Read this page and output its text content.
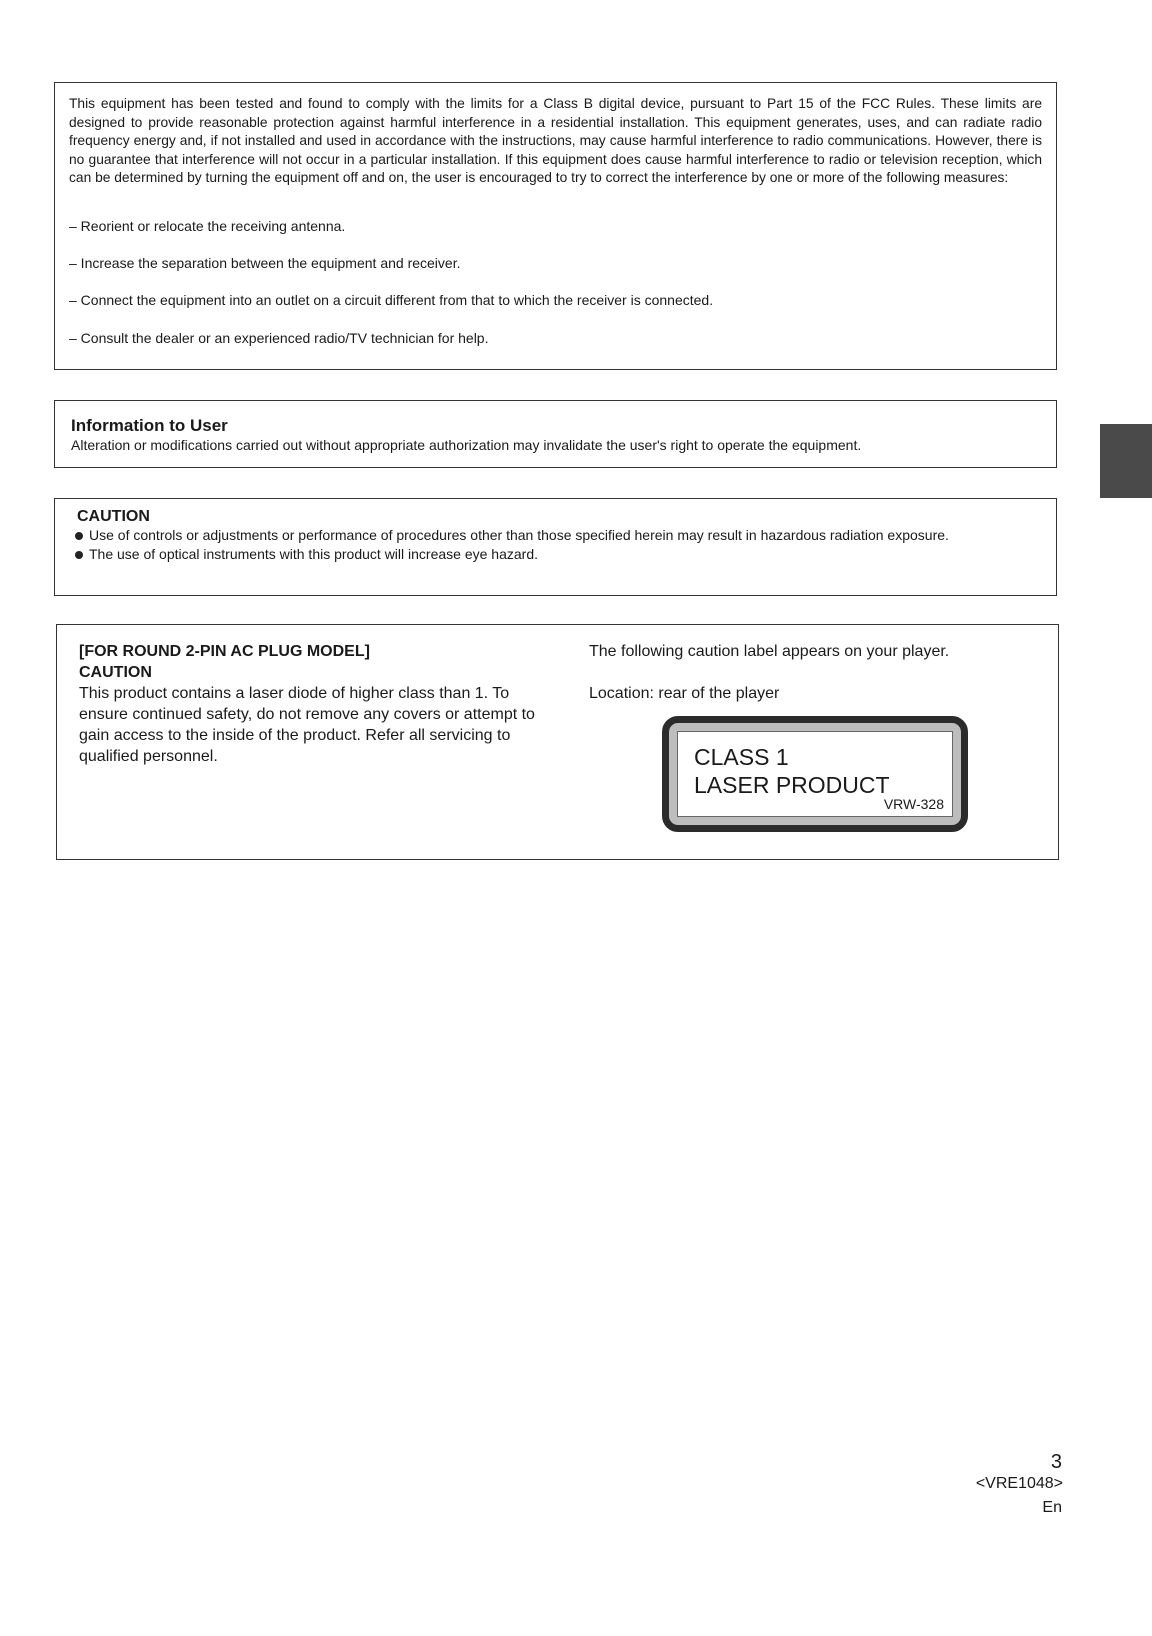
This equipment has been tested and found to comply with the limits for a Class B digital device, pursuant to Part 15 of the FCC Rules. These limits are designed to provide reasonable protection against harmful interference in a residential installation. This equipment generates, uses, and can radiate radio frequency energy and, if not installed and used in accordance with the instructions, may cause harmful interference to radio communications. However, there is no guarantee that interference will not occur in a particular installation. If this equipment does cause harmful interference to radio or television reception, which can be determined by turning the equipment off and on, the user is encouraged to try to correct the interference by one or more of the following measures:

– Reorient or relocate the receiving antenna.

– Increase the separation between the equipment and receiver.

– Connect the equipment into an outlet on a circuit different from that to which the receiver is connected.

– Consult the dealer or an experienced radio/TV technician for help.

Information to User

Alteration or modifications carried out without appropriate authorization may invalidate the user's right to operate the equipment.

CAUTION

Use of controls or adjustments or performance of procedures other than those specified herein may result in hazardous radiation exposure.

The use of optical instruments with this product will increase eye hazard.

[FOR ROUND 2-PIN AC PLUG MODEL]

CAUTION

This product contains a laser diode of higher class than 1. To ensure continued safety, do not remove any covers or attempt to gain access to the inside of the product. Refer all servicing to qualified personnel.

The following caution label appears on your player.

Location: rear of the player

CLASS 1
LASER PRODUCT
VRW-328
3
<VRE1048>
En
